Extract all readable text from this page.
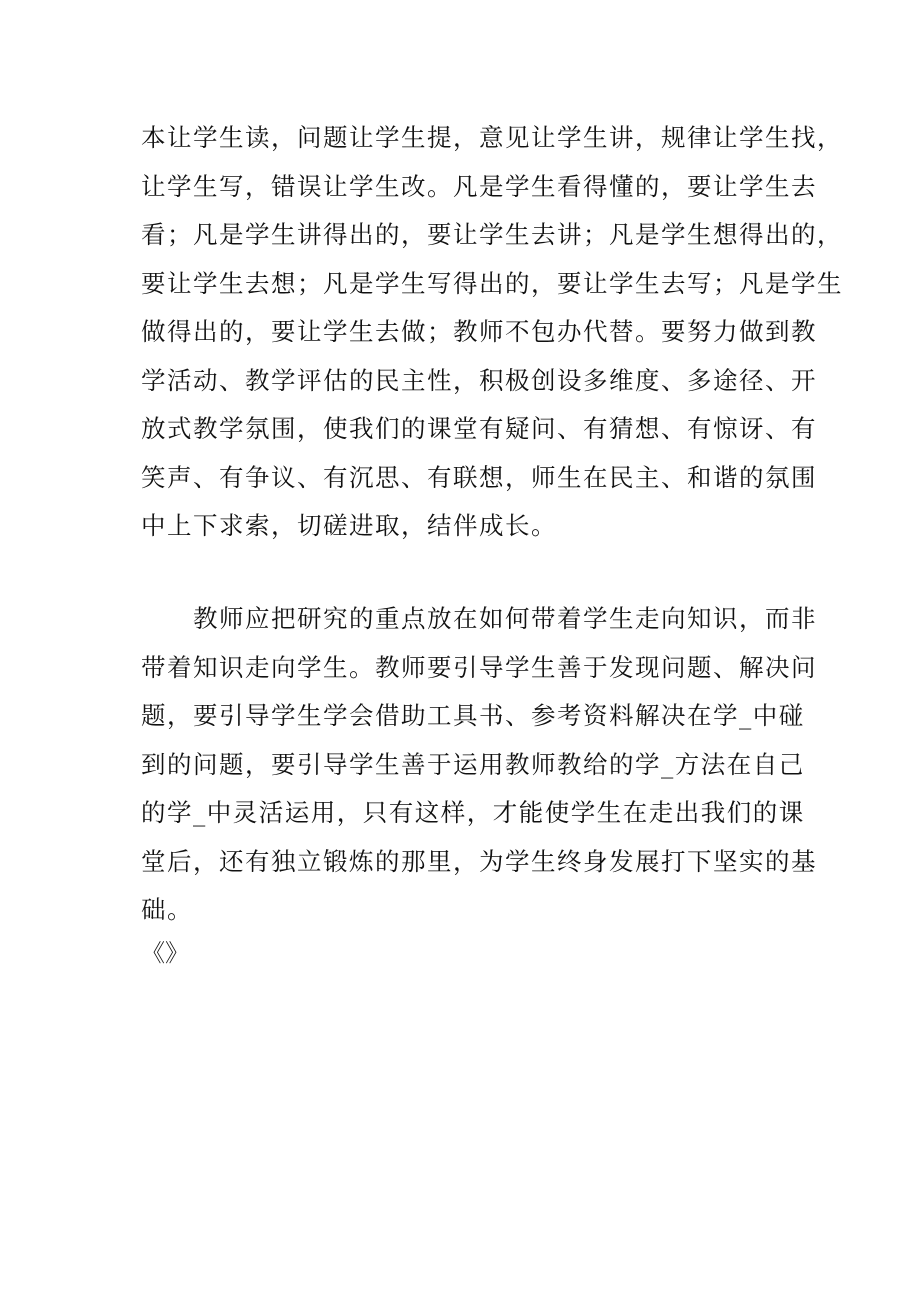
本让学生读，问题让学生提，意见让学生讲，规律让学生找，
让学生写，错误让学生改。凡是学生看得懂的，要让学生去
看；凡是学生讲得出的，要让学生去讲；凡是学生想得出的，
要让学生去想；凡是学生写得出的，要让学生去写；凡是学生
做得出的，要让学生去做；教师不包办代替。要努力做到教
学活动、教学评估的民主性，积极创设多维度、多途径、开
放式教学氛围，使我们的课堂有疑问、有猜想、有惊讶、有
笑声、有争议、有沉思、有联想，师生在民主、和谐的氛围
中上下求索，切磋进取，结伴成长。

　　教师应把研究的重点放在如何带着学生走向知识，而非
带着知识走向学生。教师要引导学生善于发现问题、解决问
题，要引导学生学会借助工具书、参考资料解决在学_中碰
到的问题，要引导学生善于运用教师教给的学_方法在自己
的学_中灵活运用，只有这样，才能使学生在走出我们的课
堂后，还有独立锻炼的那里，为学生终身发展打下坚实的基
础。

《》
